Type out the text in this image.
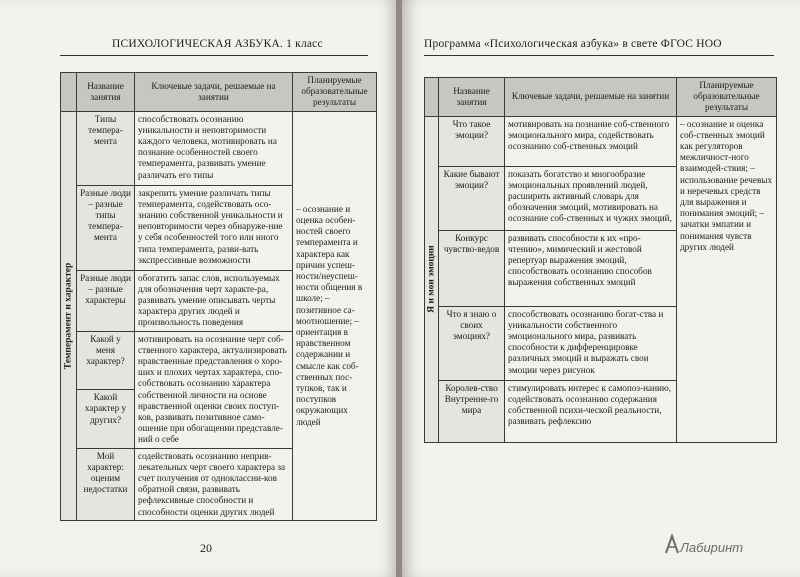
ПСИХОЛОГИЧЕСКАЯ АЗБУКА. 1 класс
	Название занятия	Ключевые задачи, решаемые на занятии	Планируемые образовательные результаты

Темперамент и характер	Типы темпера-мента	способствовать осознанию уникальности и неповторимости каждого человека, мотивировать на познание особенностей своего темперамента, развивать умение различать его типы	– осознание и оценка особен-ностей своего темперамента и характера как причин успеш-ности/неуспеш-ности общения в школе; – позитивное са-моотношение; – ориентация в нравственном содержании и смысле как соб-ственных пос-тупков, так и поступков окружающих людей
	Разные люди – разные типы темпера-мента	закрепить умение различать типы темперамента, содействовать осо-знанию собственной уникальности и неповторимости через обнаруже-ние у себя особенностей того или иного типа темперамента, разви-вать экспрессивные возможности	
	Разные люди – разные характеры	обогатить запас слов, используемых для обозначения черт характе-ра, развивать умение описывать черты характера других людей и произвольность поведения	
	Какой у меня характер?	мотивировать на осознание черт соб-ственного характера, актуализировать нравственные представления о хоро-ших и плохих чертах характера, спо-собствовать осознанию характера собственной личности на основе нравственной оценки своих поступ-ков, развивать позитивное само-ошение при обогащении представле-ний о себе	
	Какой характер у других?		
	Мой характер: оценим недостатки	содействовать осознанию неприв-лекательных черт своего характера за счет получения от одноклассни-ков обратной связи, развивать рефлексивные способности и способности оценки других людей	
20
Программа «Психологическая азбука» в свете ФГОС НОО
	Название занятия	Ключевые задачи, решаемые на занятии	Планируемые образовательные результаты

Я и мои эмоции	Что такое эмоции?	мотивировать на познание соб-ственного эмоционального мира, содействовать осознанию соб-ственных эмоций	– осознание и оценка соб-ственных эмоций как регуляторов межличност-ного взаимодей-ствия; – использование речевых и неречевых средств для выражения и понимания эмоций; – зачатки эмпатии и понимания чувств других людей
	Какие бывают эмоции?	показать богатство и многообразие эмоциональных проявлений людей, расширить активный словарь для обозначения эмоций, мотивировать на осознание соб-ственных и чужих эмоций,	
	Конкурс чувство-ведов	развивать способности к их «про-чтению», мимический и жестовой репертуар выражения эмоций, способствовать осознанию способов выражения собственных эмоций	
	Что я знаю о своих эмоциях?	способствовать осознанию богат-ства и уникальности собственного эмоционального мира, развивать способности к дифференцировке различных эмоций и выражать свои эмоции через рисунок	
	Королев-ство Внутренне-го мира	стимулировать интерес к самопоз-нанию, содействовать осознанию содержания собственной психи-ческой реальности, развивать рефлексию	
Лабиринт
